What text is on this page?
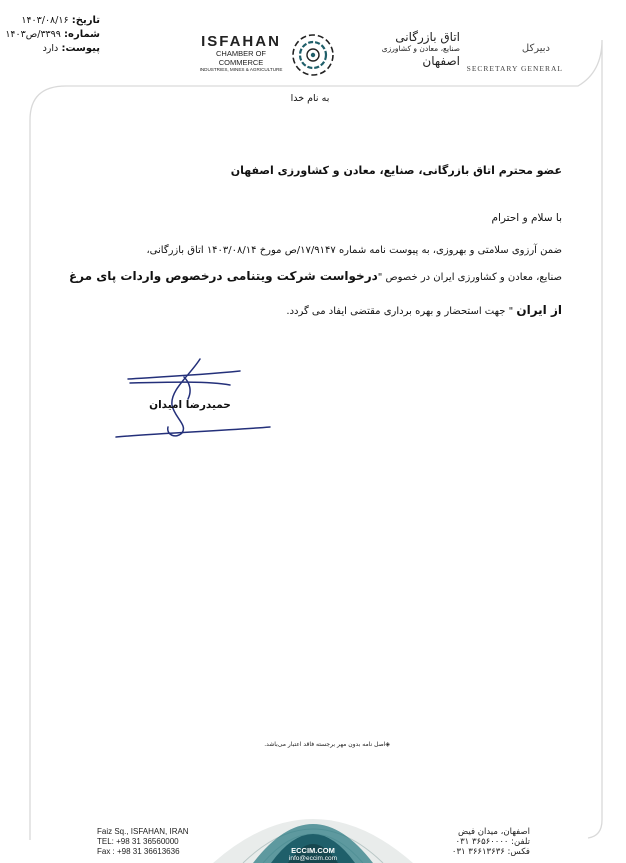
تاریخ: ۱۴۰۳/۰۸/۱۶
شماره: ۳۳۹۹/ص۱۴۰۳
پیوست: دارد	ISFAHAN
CHAMBER OF COMMERCE
INDUSTRIES, MINES & AGRICULTURE
اتاق بازرگانی
صنایع، معادن و کشاورزی
اصفهان
دبیرکل
SECRETARY GENERAL
به نام خدا
عضو محترم اتاق بازرگانی، صنایع، معادن و کشاورزی اصفهان
با سلام و احترام
ضمن آرزوی سلامتی و بهروزی، به پیوست نامه شماره ۱۷/۹۱۴۷/ص مورخ ۱۴۰۳/۰۸/۱۴ اتاق بازرگانی،
صنایع، معادن و کشاورزی ایران در خصوص "درخواست شرکت ویتنامی درخصوص واردات پای مرغ
از ایران " جهت استحضار و بهره برداری مقتضی ایفاد می گردد.
حمیدرضا امیدان
◈اصل نامه بدون مهر برجسته فاقد اعتبار می‌باشد.
ECCIM.COM
info@eccim.com
Faiz Sq., ISFAHAN, IRAN
TEL: +98 31 36560000
Fax : +98 31 36613636
اصفهان، میدان فیض
تلفن: ۳۶۵۶۰۰۰۰ ۰۳۱
فکس: ۳۶۶۱۳۶۳۶ ۰۳۱
